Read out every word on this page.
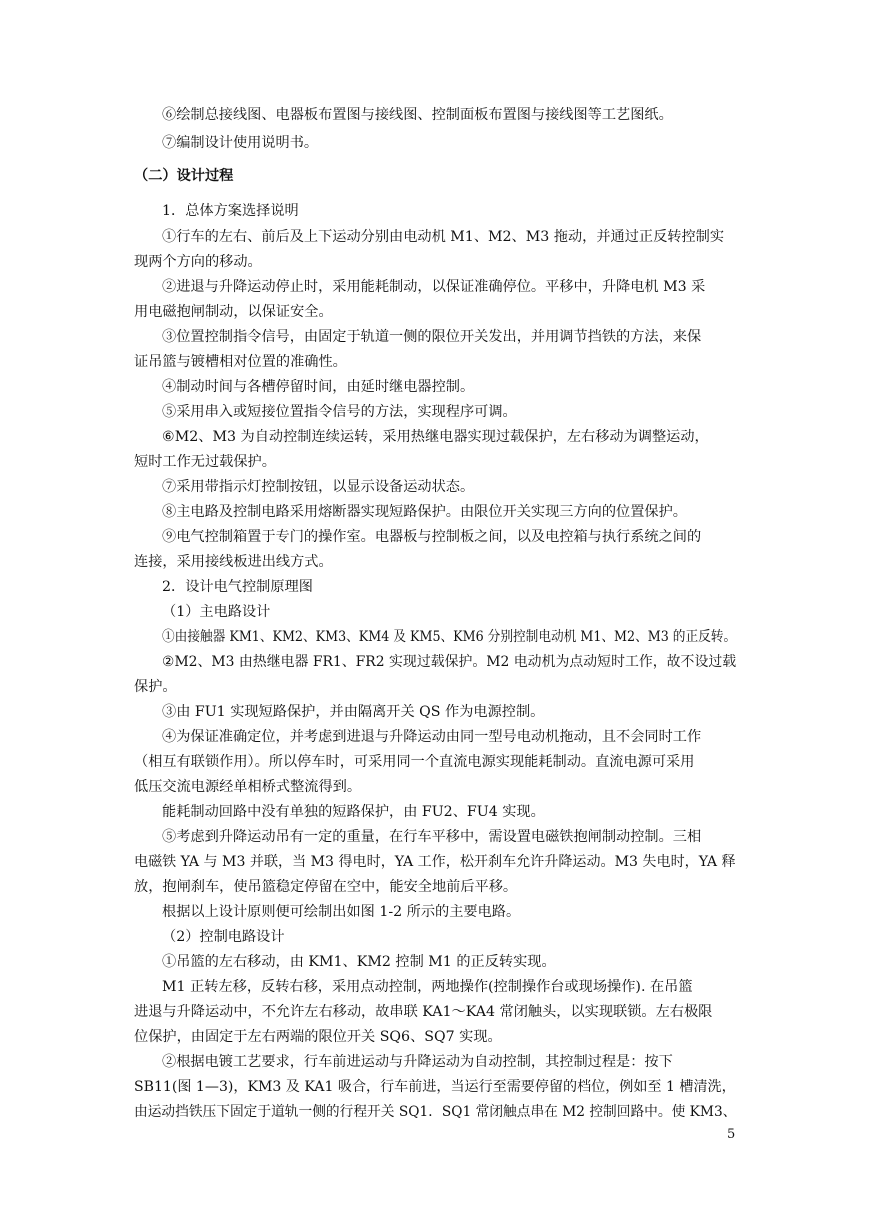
⑥绘制总接线图、电器板布置图与接线图、控制面板布置图与接线图等工艺图纸。
⑦编制设计使用说明书。
（二）设计过程
1．总体方案选择说明
①行车的左右、前后及上下运动分别由电动机 M1、M2、M3 拖动，并通过正反转控制实
现两个方向的移动。
②进退与升降运动停止时，采用能耗制动，以保证准确停位。平移中，升降电机 M3 采
用电磁抱闸制动，以保证安全。
③位置控制指令信号，由固定于轨道一侧的限位开关发出，并用调节挡铁的方法，来保
证吊篮与镀槽相对位置的准确性。
④制动时间与各槽停留时间，由延时继电器控制。
⑤采用串入或短接位置指令信号的方法，实现程序可调。
⑥M2、M3 为自动控制连续运转，采用热继电器实现过载保护，左右移动为调整运动，
短时工作无过载保护。
⑦采用带指示灯控制按钮，以显示设备运动状态。
⑧主电路及控制电路采用熔断器实现短路保护。由限位开关实现三方向的位置保护。
⑨电气控制箱置于专门的操作室。电器板与控制板之间，以及电控箱与执行系统之间的
连接，采用接线板进出线方式。
2．设计电气控制原理图
（1）主电路设计
①由接触器 KM1、KM2、KM3、KM4 及 KM5、KM6 分别控制电动机 M1、M2、M3 的正反转。
②M2、M3 由热继电器 FR1、FR2 实现过载保护。M2 电动机为点动短时工作，故不设过载
保护。
③由 FU1 实现短路保护，并由隔离开关 QS 作为电源控制。
④为保证准确定位，并考虑到进退与升降运动由同一型号电动机拖动，且不会同时工作
（相互有联锁作用）。所以停车时，可采用同一个直流电源实现能耗制动。直流电源可采用
低压交流电源经单相桥式整流得到。
能耗制动回路中没有单独的短路保护，由 FU2、FU4 实现。
⑤考虑到升降运动吊有一定的重量，在行车平移中，需设置电磁铁抱闸制动控制。三相
电磁铁 YA 与 M3 并联，当 M3 得电时，YA 工作，松开刹车允许升降运动。M3 失电时，YA 释
放，抱闸刹车，使吊篮稳定停留在空中，能安全地前后平移。
根据以上设计原则便可绘制出如图 1-2 所示的主要电路。
（2）控制电路设计
①吊篮的左右移动，由 KM1、KM2 控制 M1 的正反转实现。
M1 正转左移，反转右移，采用点动控制，两地操作(控制操作台或现场操作). 在吊篮
进退与升降运动中，不允许左右移动，故串联 KA1～KA4 常闭触头，以实现联锁。左右极限
位保护，由固定于左右两端的限位开关 SQ6、SQ7 实现。
②根据电镀工艺要求，行车前进运动与升降运动为自动控制，其控制过程是：按下
SB11(图 1—3)，KM3 及 KA1 吸合，行车前进，当运行至需要停留的档位，例如至 1 槽清洗，
由运动挡铁压下固定于道轨一侧的行程开关 SQ1．SQ1 常闭触点串在 M2 控制回路中。使 KM3、
5
